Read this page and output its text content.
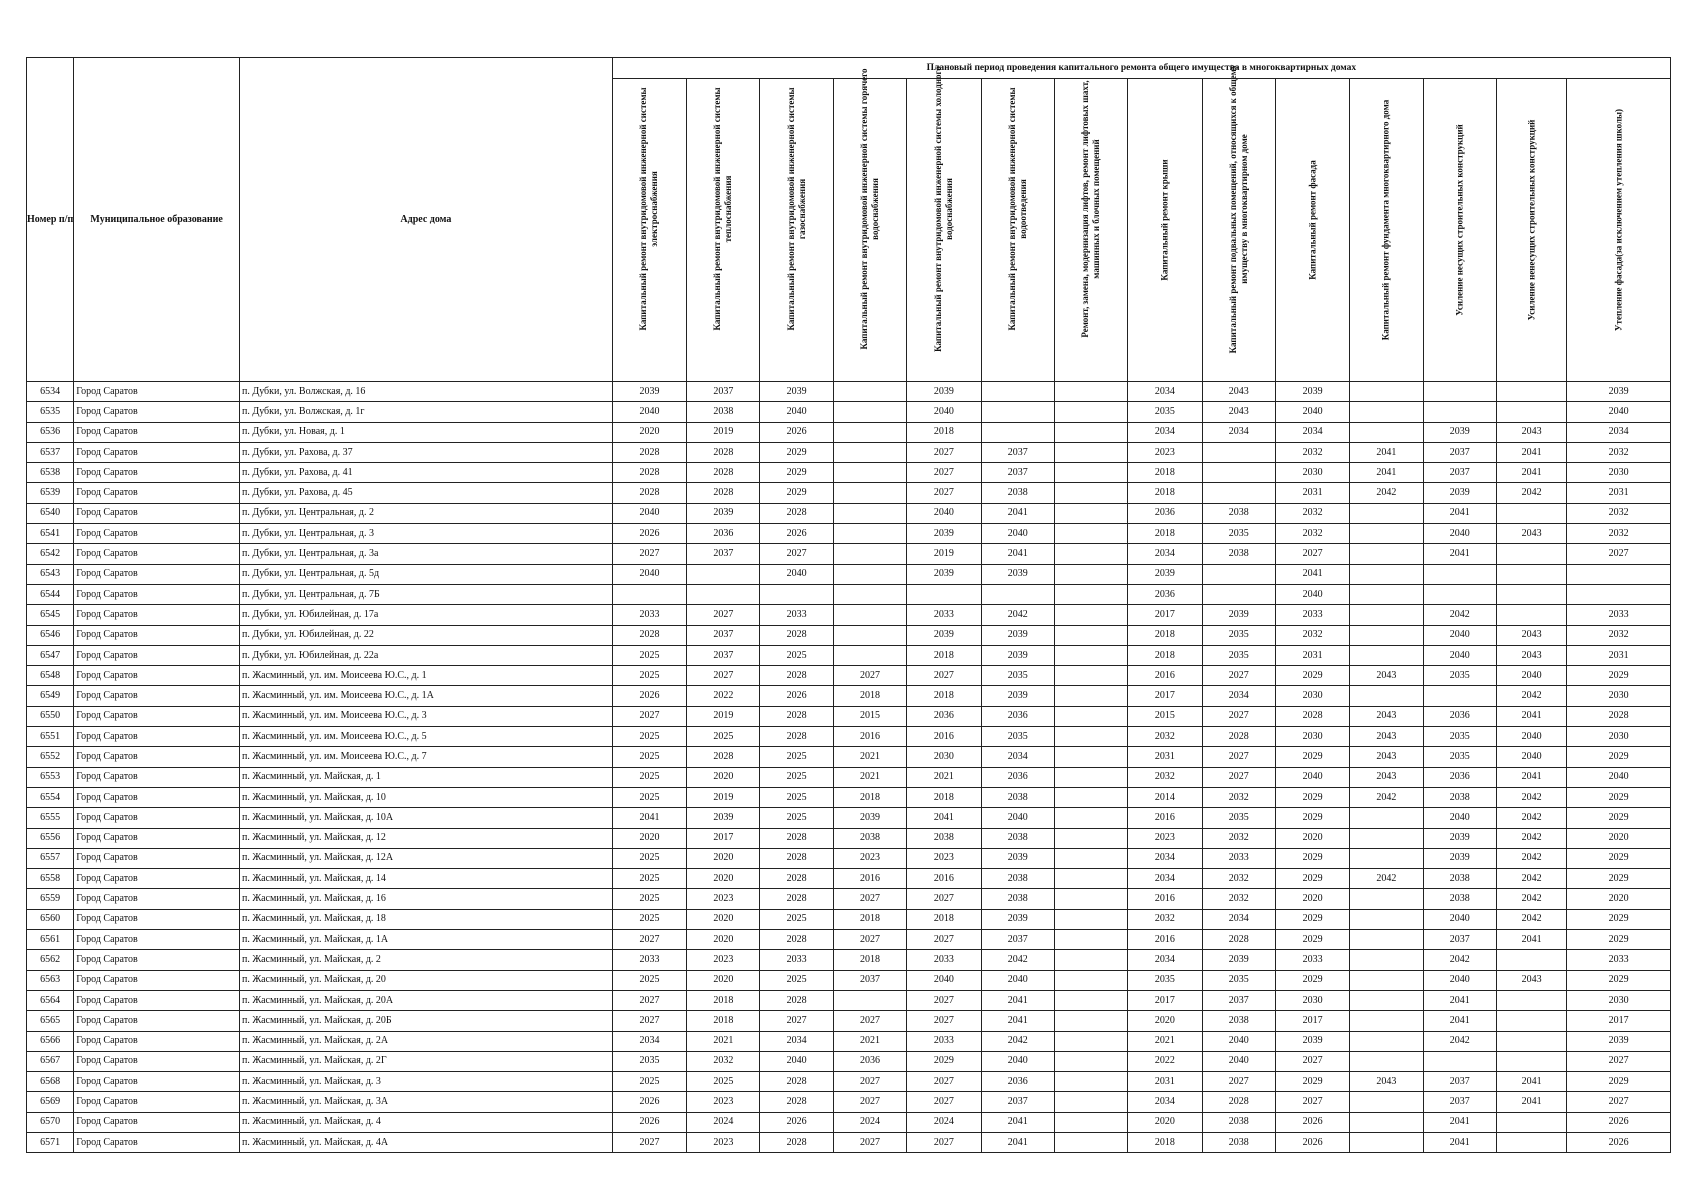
Номер п/п	Муниципальное образование	Адрес дома	Плановый период проведения капитального ремонта общего имущества в многоквартирных домах													

			Капитальный ремонт внутридомовой инженерной системы электроснабжения	Капитальный ремонт внутридомовой инженерной системы теплоснабжения	Капитальный ремонт внутридомовой инженерной системы газоснабжения	Капитальный ремонт внутридомовой инженерной системы горячего водоснабжения	Капитальный ремонт внутридомовой инженерной системы холодного водоснабжения	Капитальный ремонт внутридомовой инженерной системы водоотведения	Ремонт, замена, модернизация лифтов, ремонт лифтовых шахт, машинных и блочных помещений	Капитальный ремонт крыши	Капитальный ремонт подвальных помещений, относящихся к общему имуществу в многоквартирном доме	Капитальный ремонт фасада	Капитальный ремонт фундамента многоквартирного дома	Усиление несущих строительных конструкций	Усиление ненесущих строительных конструкций	Утепление фасада(за исключением утепления школы)

6534	Город Саратов	п. Дубки, ул. Волжская, д. 16	2039	2037	2039		2039			2034	2043	2039				2039
6535	Город Саратов	п. Дубки, ул. Волжская, д. 1г	2040	2038	2040		2040			2035	2043	2040				2040
6536	Город Саратов	п. Дубки, ул. Новая, д. 1	2020	2019	2026		2018			2034	2034	2034		2039	2043	2034
6537	Город Саратов	п. Дубки, ул. Рахова, д. 37	2028	2028	2029		2027	2037		2023		2032	2041	2037	2041	2032
6538	Город Саратов	п. Дубки, ул. Рахова, д. 41	2028	2028	2029		2027	2037		2018		2030	2041	2037	2041	2030
6539	Город Саратов	п. Дубки, ул. Рахова, д. 45	2028	2028	2029		2027	2038		2018		2031	2042	2039	2042	2031
6540	Город Саратов	п. Дубки, ул. Центральная, д. 2	2040	2039	2028		2040	2041		2036	2038	2032		2041		2032
6541	Город Саратов	п. Дубки, ул. Центральная, д. 3	2026	2036	2026		2039	2040		2018	2035	2032		2040	2043	2032
6542	Город Саратов	п. Дубки, ул. Центральная, д. 3а	2027	2037	2027		2019	2041		2034	2038	2027		2041		2027
6543	Город Саратов	п. Дубки, ул. Центральная, д. 5д	2040		2040		2039	2039		2039		2041				
6544	Город Саратов	п. Дубки, ул. Центральная, д. 7Б								2036		2040				
6545	Город Саратов	п. Дубки, ул. Юбилейная, д. 17а	2033	2027	2033		2033	2042		2017	2039	2033		2042		2033
6546	Город Саратов	п. Дубки, ул. Юбилейная, д. 22	2028	2037	2028		2039	2039		2018	2035	2032		2040	2043	2032
6547	Город Саратов	п. Дубки, ул. Юбилейная, д. 22а	2025	2037	2025		2018	2039		2018	2035	2031		2040	2043	2031
6548	Город Саратов	п. Жасминный, ул. им. Моисеева Ю.С., д. 1	2025	2027	2028	2027	2027	2035		2016	2027	2029	2043	2035	2040	2029
6549	Город Саратов	п. Жасминный, ул. им. Моисеева Ю.С., д. 1А	2026	2022	2026	2018	2018	2039		2017	2034	2030			2042	2030
6550	Город Саратов	п. Жасминный, ул. им. Моисеева Ю.С., д. 3	2027	2019	2028	2015	2036	2036		2015	2027	2028	2043	2036	2041	2028
6551	Город Саратов	п. Жасминный, ул. им. Моисеева Ю.С., д. 5	2025	2025	2028	2016	2016	2035		2032	2028	2030	2043	2035	2040	2030
6552	Город Саратов	п. Жасминный, ул. им. Моисеева Ю.С., д. 7	2025	2028	2025	2021	2030	2034		2031	2027	2029	2043	2035	2040	2029
6553	Город Саратов	п. Жасминный, ул. Майская, д. 1	2025	2020	2025	2021	2021	2036		2032	2027	2040	2043	2036	2041	2040
6554	Город Саратов	п. Жасминный, ул. Майская, д. 10	2025	2019	2025	2018	2018	2038		2014	2032	2029	2042	2038	2042	2029
6555	Город Саратов	п. Жасминный, ул. Майская, д. 10А	2041	2039	2025	2039	2041	2040		2016	2035	2029		2040	2042	2029
6556	Город Саратов	п. Жасминный, ул. Майская, д. 12	2020	2017	2028	2038	2038	2038		2023	2032	2020		2039	2042	2020
6557	Город Саратов	п. Жасминный, ул. Майская, д. 12А	2025	2020	2028	2023	2023	2039		2034	2033	2029		2039	2042	2029
6558	Город Саратов	п. Жасминный, ул. Майская, д. 14	2025	2020	2028	2016	2016	2038		2034	2032	2029	2042	2038	2042	2029
6559	Город Саратов	п. Жасминный, ул. Майская, д. 16	2025	2023	2028	2027	2027	2038		2016	2032	2020		2038	2042	2020
6560	Город Саратов	п. Жасминный, ул. Майская, д. 18	2025	2020	2025	2018	2018	2039		2032	2034	2029		2040	2042	2029
6561	Город Саратов	п. Жасминный, ул. Майская, д. 1А	2027	2020	2028	2027	2027	2037		2016	2028	2029		2037	2041	2029
6562	Город Саратов	п. Жасминный, ул. Майская, д. 2	2033	2023	2033	2018	2033	2042		2034	2039	2033		2042		2033
6563	Город Саратов	п. Жасминный, ул. Майская, д. 20	2025	2020	2025	2037	2040	2040		2035	2035	2029		2040	2043	2029
6564	Город Саратов	п. Жасминный, ул. Майская, д. 20А	2027	2018	2028		2027	2041		2017	2037	2030		2041		2030
6565	Город Саратов	п. Жасминный, ул. Майская, д. 20Б	2027	2018	2027	2027	2027	2041		2020	2038	2017		2041		2017
6566	Город Саратов	п. Жасминный, ул. Майская, д. 2А	2034	2021	2034	2021	2033	2042		2021	2040	2039		2042		2039
6567	Город Саратов	п. Жасминный, ул. Майская, д. 2Г	2035	2032	2040	2036	2029	2040		2022	2040	2027				2027
6568	Город Саратов	п. Жасминный, ул. Майская, д. 3	2025	2025	2028	2027	2027	2036		2031	2027	2029	2043	2037	2041	2029
6569	Город Саратов	п. Жасминный, ул. Майская, д. 3А	2026	2023	2028	2027	2027	2037		2034	2028	2027		2037	2041	2027
6570	Город Саратов	п. Жасминный, ул. Майская, д. 4	2026	2024	2026	2024	2024	2041		2020	2038	2026		2041		2026
6571	Город Саратов	п. Жасминный, ул. Майская, д. 4А	2027	2023	2028	2027	2027	2041		2018	2038	2026		2041		2026
